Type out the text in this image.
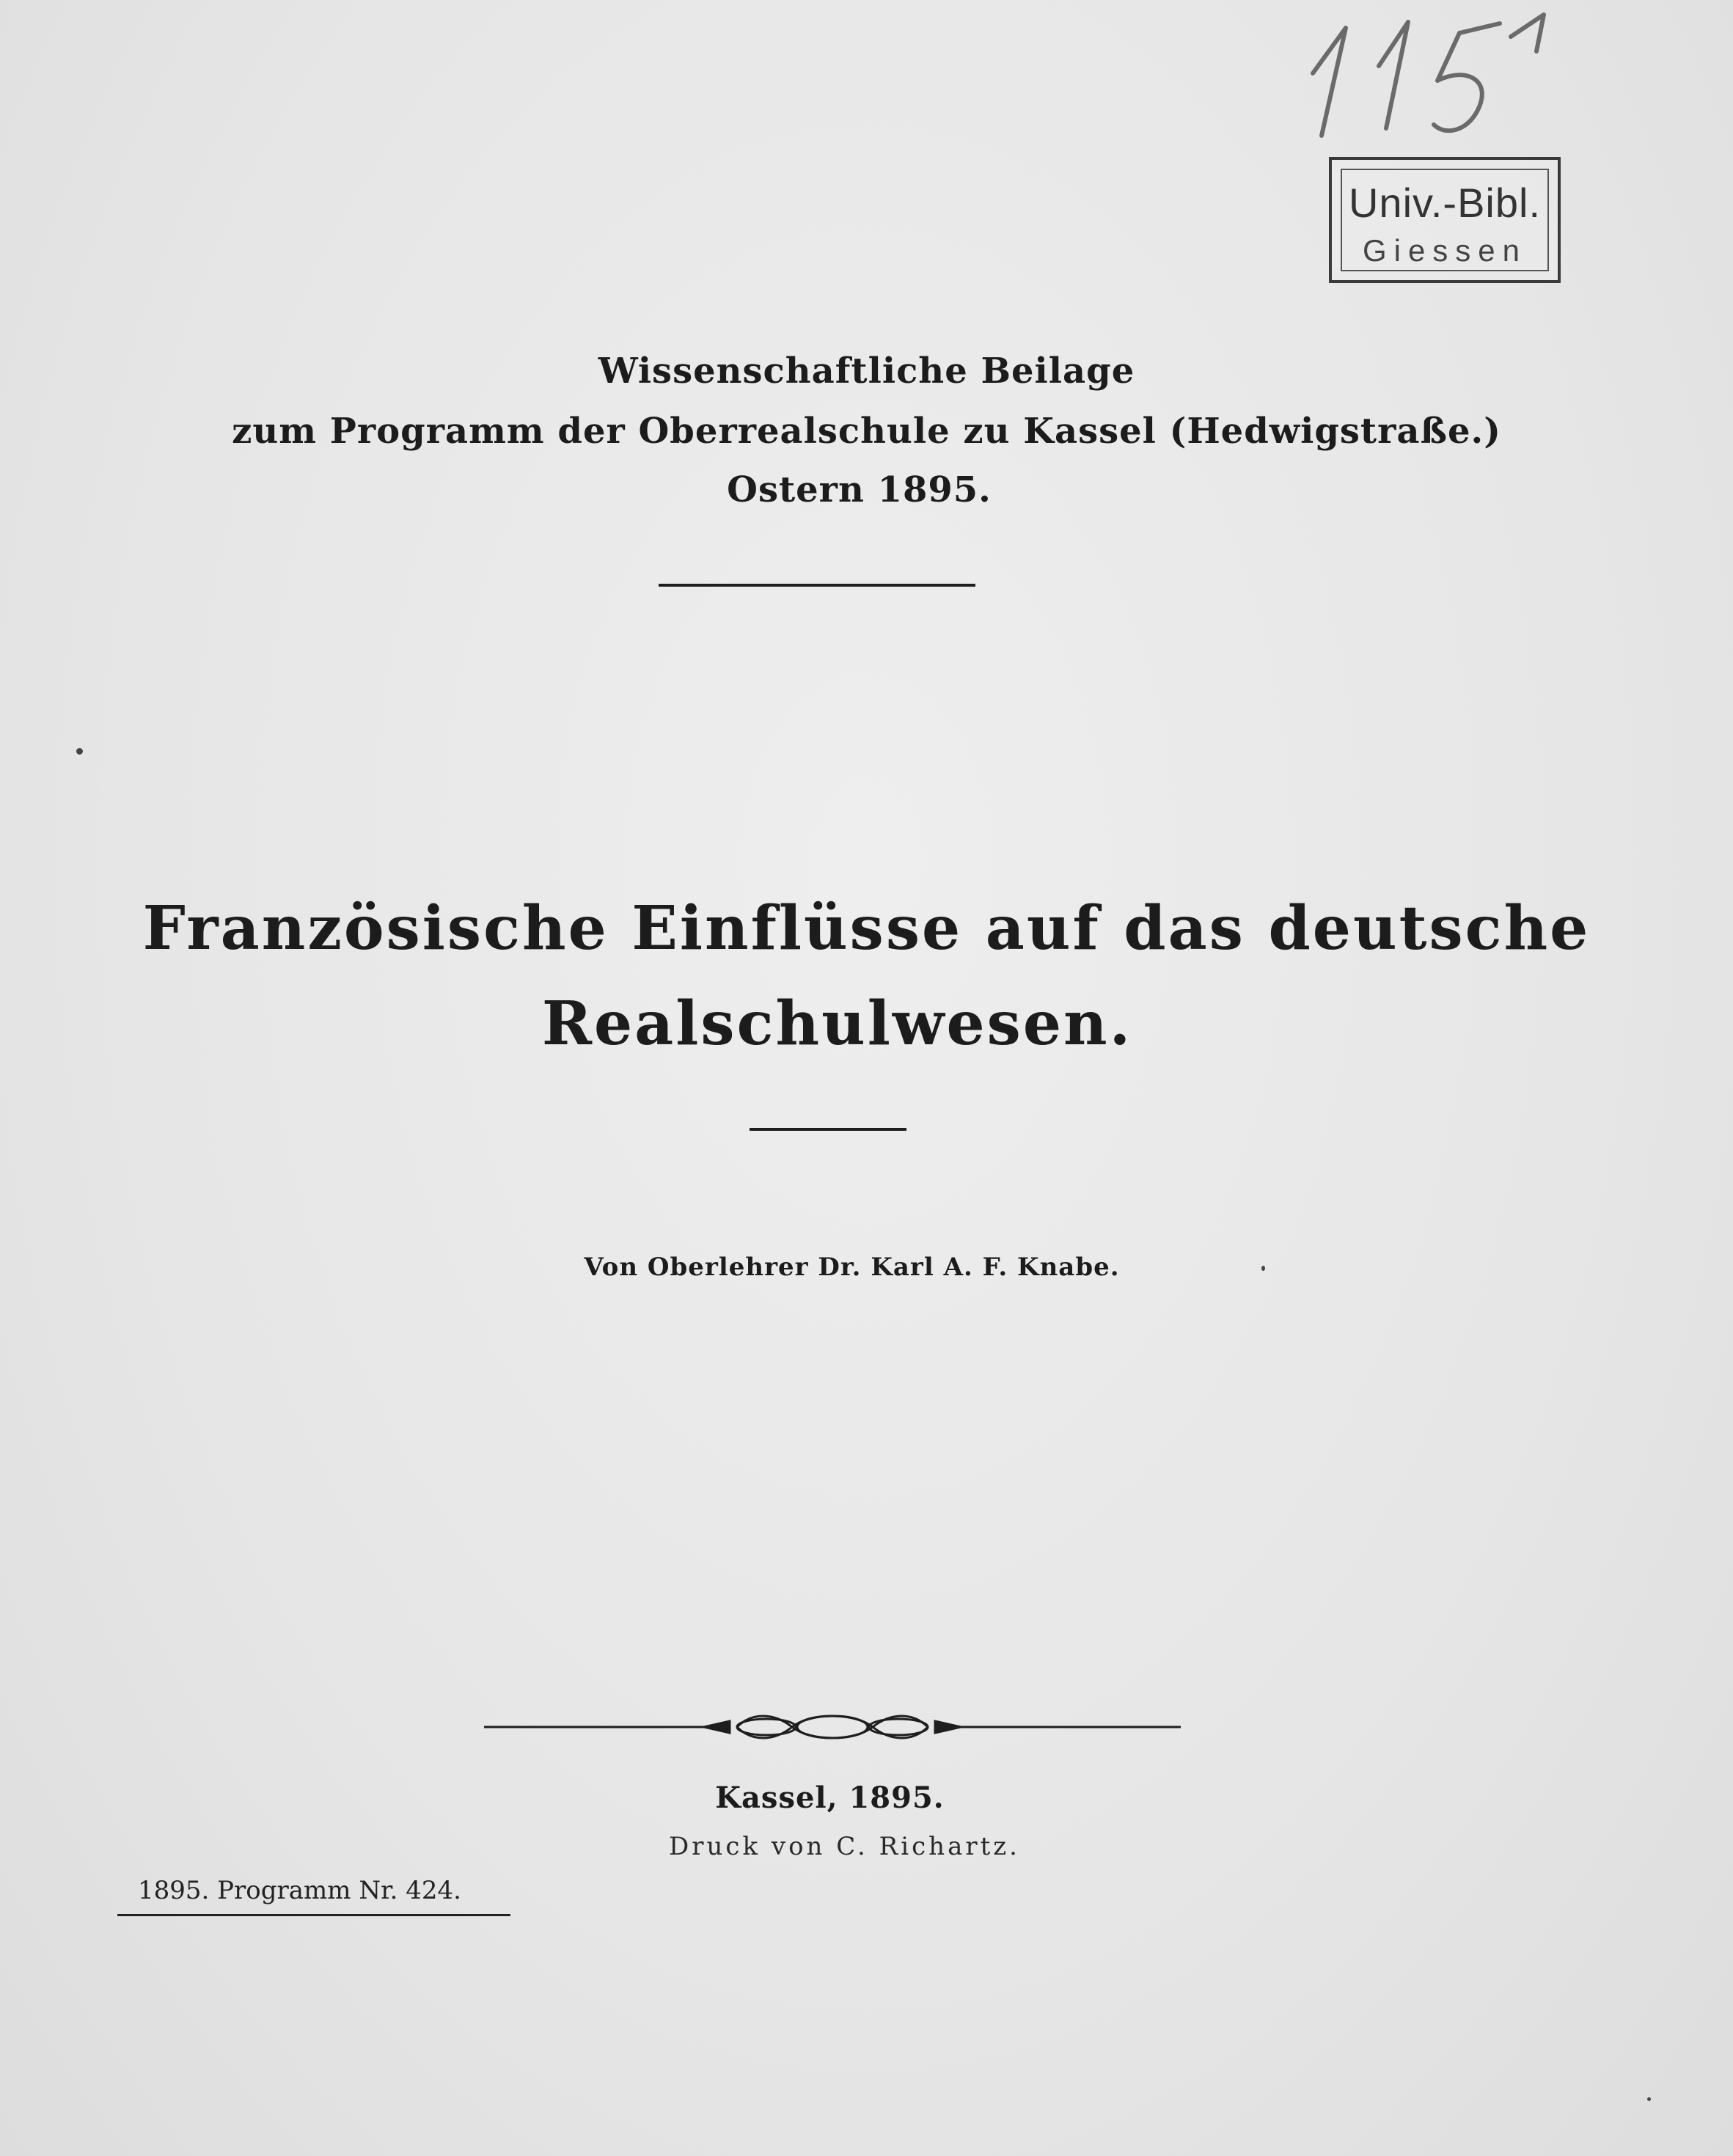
Univ.-Bibl.
Giessen
Wissenschaftliche Beilage
zum Programm der Oberrealschule zu Kassel (Hedwigstraße.)
Ostern 1895.
Französische Einflüsse auf das deutsche
Realschulwesen.
Von Oberlehrer Dr. Karl A. F. Knabe.
Kassel, 1895.
Druck von C. Richartz.
1895. Programm Nr. 424.
